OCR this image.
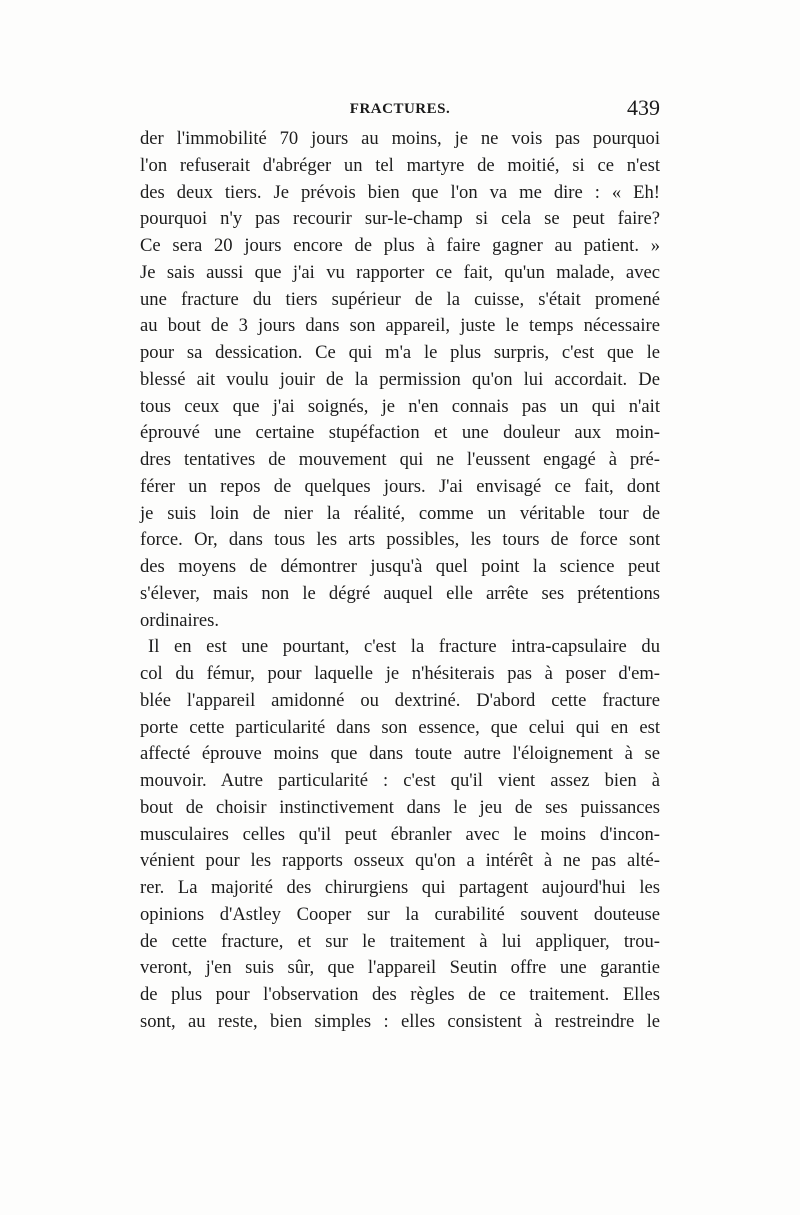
FRACTURES.	439
der l'immobilité 70 jours au moins, je ne vois pas pourquoi
l'on refuserait d'abréger un tel martyre de moitié, si ce n'est
des deux tiers. Je prévois bien que l'on va me dire : « Eh!
pourquoi n'y pas recourir sur-le-champ si cela se peut faire?
Ce sera 20 jours encore de plus à faire gagner au patient. »
Je sais aussi que j'ai vu rapporter ce fait, qu'un malade, avec
une fracture du tiers supérieur de la cuisse, s'était promené
au bout de 3 jours dans son appareil, juste le temps nécessaire
pour sa dessication. Ce qui m'a le plus surpris, c'est que le
blessé ait voulu jouir de la permission qu'on lui accordait. De
tous ceux que j'ai soignés, je n'en connais pas un qui n'ait
éprouvé une certaine stupéfaction et une douleur aux moin-
dres tentatives de mouvement qui ne l'eussent engagé à pré-
férer un repos de quelques jours. J'ai envisagé ce fait, dont
je suis loin de nier la réalité, comme un véritable tour de
force. Or, dans tous les arts possibles, les tours de force sont
des moyens de démontrer jusqu'à quel point la science peut
s'élever, mais non le dégré auquel elle arrête ses prétentions
ordinaires.
Il en est une pourtant, c'est la fracture intra-capsulaire du
col du fémur, pour laquelle je n'hésiterais pas à poser d'em-
blée l'appareil amidonné ou dextriné. D'abord cette fracture
porte cette particularité dans son essence, que celui qui en est
affecté éprouve moins que dans toute autre l'éloignement à se
mouvoir. Autre particularité : c'est qu'il vient assez bien à
bout de choisir instinctivement dans le jeu de ses puissances
musculaires celles qu'il peut ébranler avec le moins d'incon-
vénient pour les rapports osseux qu'on a intérêt à ne pas alté-
rer. La majorité des chirurgiens qui partagent aujourd'hui les
opinions d'Astley Cooper sur la curabilité souvent douteuse
de cette fracture, et sur le traitement à lui appliquer, trou-
veront, j'en suis sûr, que l'appareil Seutin offre une garantie
de plus pour l'observation des règles de ce traitement. Elles
sont, au reste, bien simples : elles consistent à restreindre le
